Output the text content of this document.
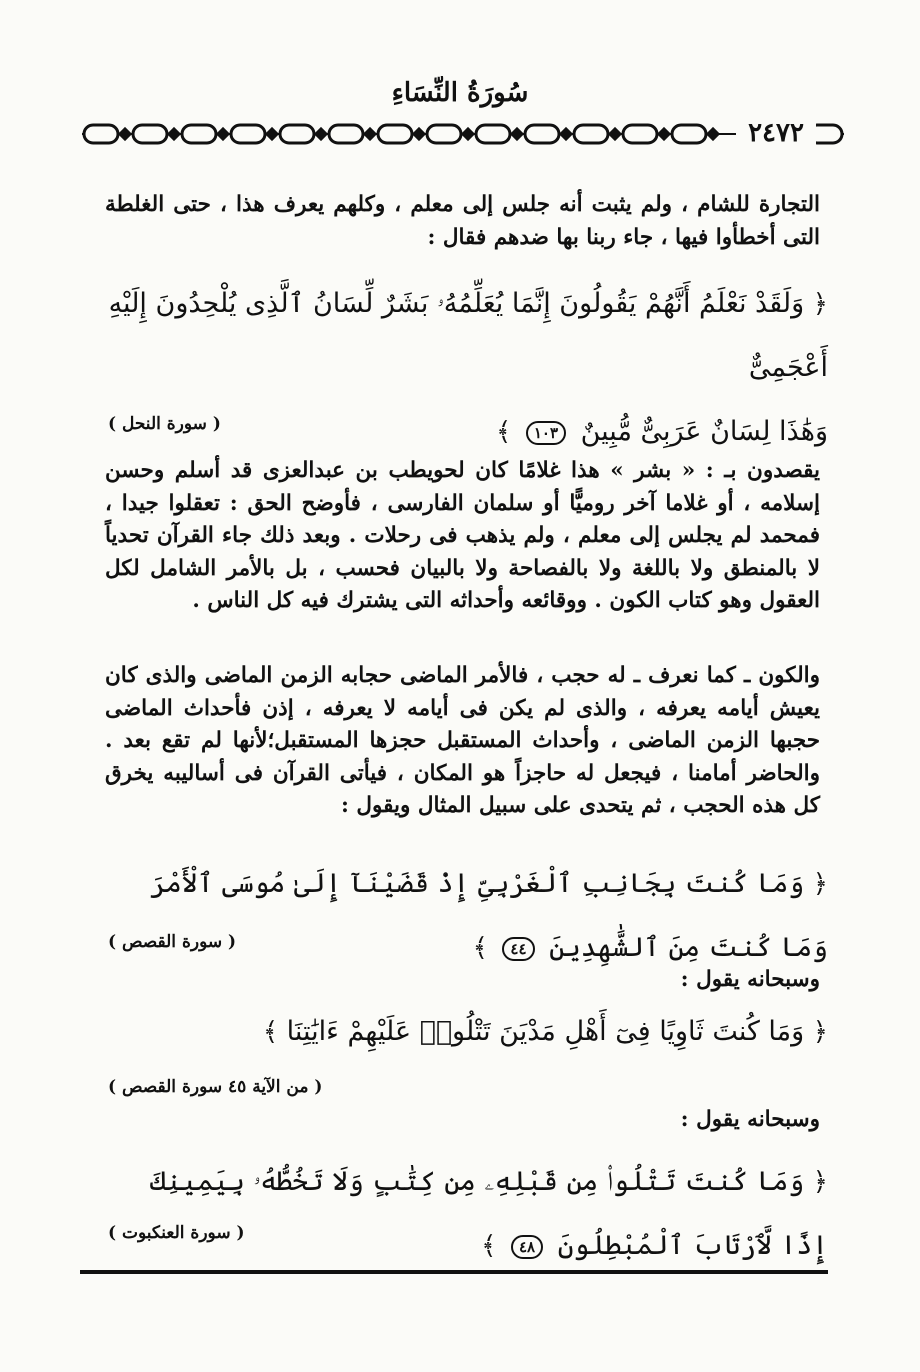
سُورَةُ النِّسَاءِ
٢٤٧٢
التجارة للشام ، ولم يثبت أنه جلس إلى معلم ، وكلهم يعرف هذا ، حتى الغلطة التى أخطأوا فيها ، جاء ربنا بها ضدهم فقال :
﴿ وَلَقَدْ نَعْلَمُ أَنَّهُمْ يَقُولُونَ إِنَّمَا يُعَلِّمُهُۥ بَشَرٌ لِّسَانُ ٱلَّذِى يُلْحِدُونَ إِلَيْهِ أَعْجَمِىٌّ
وَهَٰذَا لِسَانٌ عَرَبِىٌّ مُّبِينٌ ١٠٣ ﴾
( سورة النحل )
يقصدون بـ : « بشر » هذا غلامًا كان لحويطب بن عبدالعزى قد أسلم وحسن إسلامه ، أو غلاما آخر روميًّا أو سلمان الفارسى ، فأوضح الحق : تعقلوا جيدا ، فمحمد لم يجلس إلى معلم ، ولم يذهب فى رحلات . وبعد ذلك جاء القرآن تحدياً لا بالمنطق ولا باللغة ولا بالفصاحة ولا بالبيان فحسب ، بل بالأمر الشامل لكل العقول وهو كتاب الكون . ووقائعه وأحداثه التى يشترك فيه كل الناس .
والكون ـ كما نعرف ـ له حجب ، فالأمر الماضى حجابه الزمن الماضى والذى كان يعيش أيامه يعرفه ، والذى لم يكن فى أيامه لا يعرفه ، إذن فأحداث الماضى حجبها الزمن الماضى ، وأحداث المستقبل حجزها المستقبل؛لأنها لم تقع بعد . والحاضر أمامنا ، فيجعل له حاجزاً هو المكان ، فيأتى القرآن فى أساليبه يخرق كل هذه الحجب ، ثم يتحدى على سبيل المثال ويقول :
﴿ وَمَا كُنتَ بِجَانِبِ ٱلْغَرْبِىِّ إِذْ قَضَيْنَآ إِلَىٰ مُوسَى ٱلْأَمْرَ وَمَا كُنتَ مِنَ ٱلشَّٰهِدِينَ ٤٤ ﴾
( سورة القصص )
وسبحانه يقول :
﴿ وَمَا كُنتَ ثَاوِيًا فِىٓ أَهْلِ مَدْيَنَ تَتْلُوا۟ عَلَيْهِمْ ءَايَٰتِنَا ﴾
( من الآية ٤٥ سورة القصص )
وسبحانه يقول :
﴿ وَمَا كُنتَ تَتْلُوا۟ مِن قَبْلِهِۦ مِن كِتَٰبٍ وَلَا تَخُطُّهُۥ بِيَمِينِكَ إِذًا لَّٱرْتَابَ ٱلْمُبْطِلُونَ ٤٨ ﴾
( سورة العنكبوت )
